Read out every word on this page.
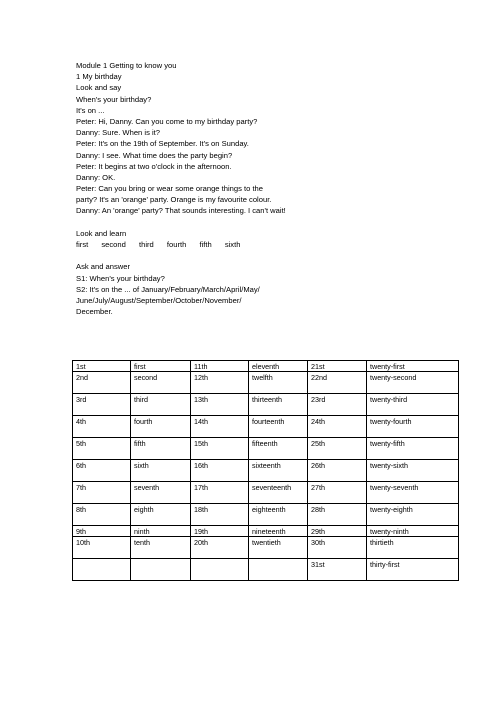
Module 1 Getting to know you
1 My birthday
Look and say
When's your birthday?
It's on ...
Peter: Hi, Danny. Can you come to my birthday party?
Danny: Sure. When is it?
Peter: It's on the 19th of September. It's on Sunday.
Danny: I see. What time does the party begin?
Peter: It begins at two o'clock in the afternoon.
Danny: OK.
Peter: Can you bring or wear some orange things to the
party? It's an 'orange' party. Orange is my favourite colour.
Danny: An 'orange' party? That sounds interesting. I can't wait!
Look and learn
first second third fourth fifth sixth
Ask and answer
S1: When's your birthday?
S2: It's on the ... of January/February/March/April/May/
June/July/August/September/October/November/
December.
1st	first	11th	eleventh	21st	twenty-first
2nd	second	12th	twelfth	22nd	twenty-second
3rd	third	13th	thirteenth	23rd	twenty-third
4th	fourth	14th	fourteenth	24th	twenty-fourth
5th	fifth	15th	fifteenth	25th	twenty-fifth
6th	sixth	16th	sixteenth	26th	twenty-sixth
7th	seventh	17th	seventeenth	27th	twenty-seventh
8th	eighth	18th	eighteenth	28th	twenty-eighth
9th	ninth	19th	nineteenth	29th	twenty-ninth
10th	tenth	20th	twentieth	30th	thirtieth
				31st	thirty-first
